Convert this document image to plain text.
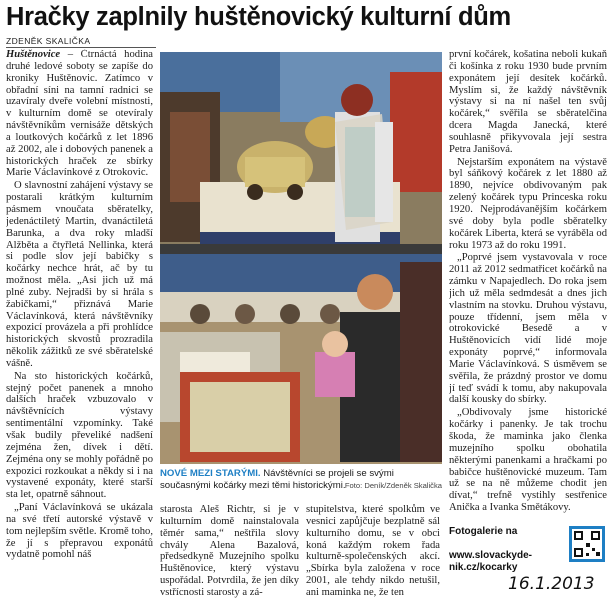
Hračky zaplnily huštěnovický kulturní dům
ZDENĚK SKALIČKA

Huštěnovice – Čtrnáctá hodina druhé ledové soboty se zapíše do kroniky Huštěnovic. Zatímco v obřadní síni na tamní radnici se uzavíraly dveře volební místnosti, v kulturním domě se otevíraly návštěvníkům vernisáže dětských a loutkových kočárků z let 1896 až 2002, ale i dobových panenek a historických hraček ze sbírky Marie Václavínkové z Otrokovic.

O slavnostní zahájení výstavy se postarali krátkým kulturním pásmem vnoučata sběratelky, jedenáctiletý Martin, dvanáctiletá Barunka, a dva roky mladší Alžběta a čtyřletá Nellinka, která si podle slov její babičky s kočárky nechce hrát, ač by tu možnost měla. „Asi jich už má plné zuby. Nejradši by si hrála s žabičkami,“ přiznává Marie Václavínková, která návštěvníky expozicí provázela a při prohlídce historických skvostů prozradila několik zážitků ze své sběratelské vášně.

Na sto historických kočárků, stejný počet panenek a mnoho dalších hraček vzbuzovalo v návštěvnících výstavy sentimentální vzpomínky. Také však budily převeliké nadšení zejména žen, dívek i dětí. Zejména ony se mohly pořádně po expozici rozkoukat a někdy si i na vystavené exponáty, které starší sta let, opatrně sáhnout.

„Paní Václavínková se ukázala na své třetí autorské výstavě v tom nejlepším světle. Kromě toho, že jí s přepravou exponátů vydatně pomohl náš

NOVÉ MEZI STARÝMI. Návštěvníci se projeli se svými současnými kočárky mezi těmi historickými. Foto: Deník/Zdeněk Skalička

starosta Aleš Richtr, si je v kulturním domě nainstalovala těmér sama,“ neštřila slovy chvály Alena Bazalová, předsedkyně Muzejního spolku Huštěnovice, který výstavu uspořádal. Potvrdila, že jen díky vstřícnosti starosty a zá-

stupitelstva, které spolkům ve vesnici zapůjčuje bezplatně sál kulturního domu, se v obci koná každým rokem řada kulturně-společenských akcí. „Sbírka byla založena v roce 2001, ale tehdy nikdo netušil, ani maminka ne, že ten

první kočárek, košatina neboli kukaň či košínka z roku 1930 bude prvním exponátem její desítek kočárků. Myslím si, že každý návštěvník výstavy si na ní našel ten svůj kočárek,“ svěřila se sběratelčina dcera Magda Janecká, které souhlasně přikyvovala její sestra Petra Janišová.

Nejstarším exponátem na výstavě byl sáňkový kočárek z let 1880 až 1890, nejvíce obdivovaným pak zelený kočárek typu Princeska roku 1920. Nejprodávanějším kočárkem své doby byla podle sběratelky kočárek Liberta, která se vyráběla od roku 1973 až do roku 1991.

„Poprvé jsem vystavovala v roce 2011 až 2012 sedmatřicet kočárků na zámku v Napajedlech. Do roka jsem jich už měla sedmdesát a dnes jich vlastním na stovku. Druhou výstavu, pouze třídenní, jsem měla v otrokovické Besedě a v Huštěnovicích vidí lidé moje exponáty poprvé,“ informovala Marie Václavínková. S úsměvem se svěřila, že prázdný prostor ve domu jí teď svádí k tomu, aby nakupovala další kousky do sbírky.

„Obdivovaly jsme historické kočárky i panenky. Je tak trochu škoda, že maminka jako členka muzejního spolku obohatila některými panenkami a hračkami po babičce huštěnovické muzeum. Tam už se na ně můžeme chodit jen dívat,“ trefně vystihly sestřenice Anička a Ivanka Smětákovy.

Fotogalerie na
www.slovackyde-nik.cz/kocarky
16.1.2013
